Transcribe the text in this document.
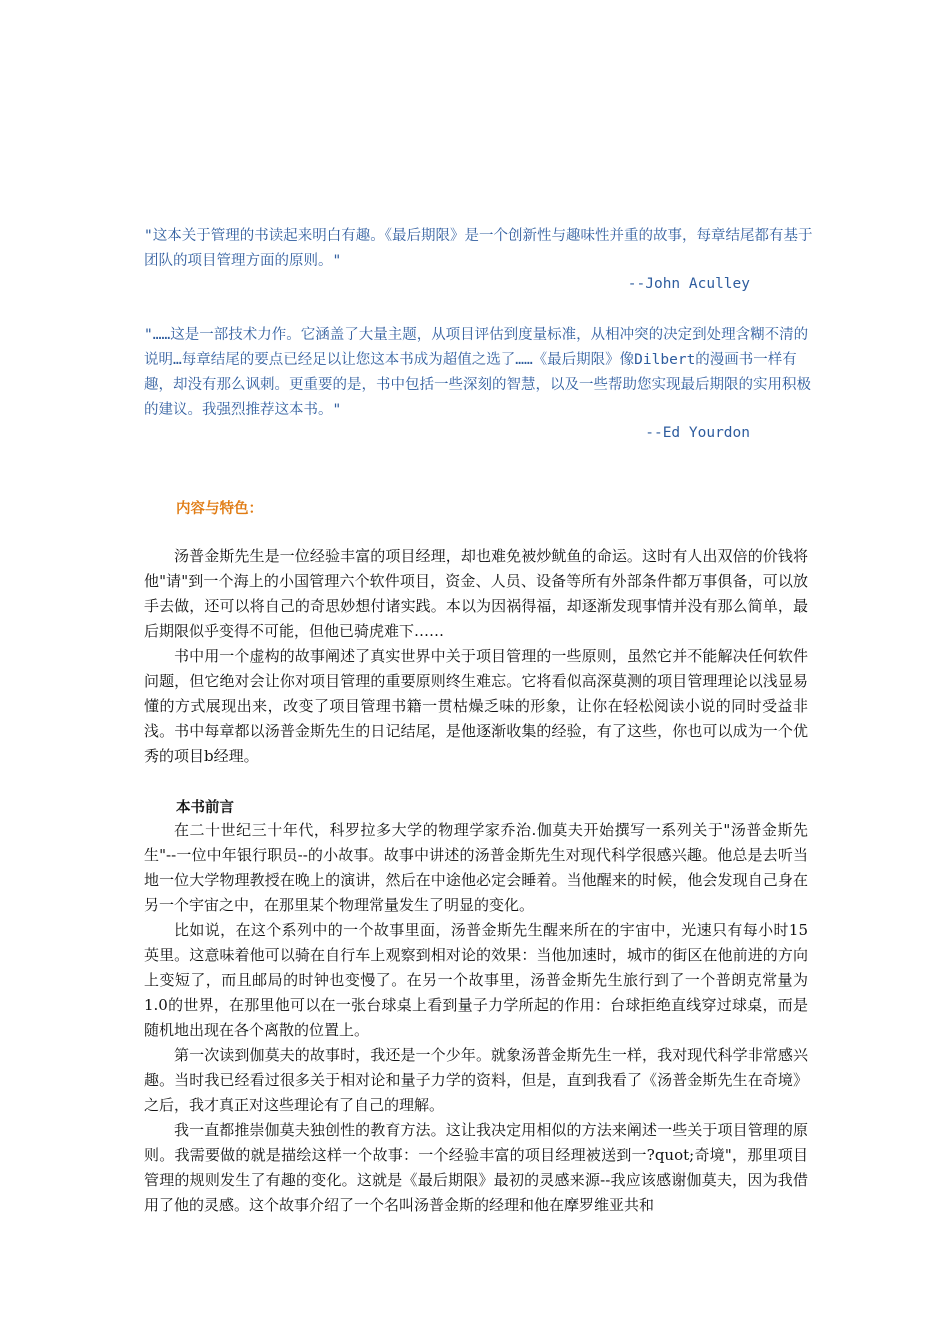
"这本关于管理的书读起来明白有趣。《最后期限》是一个创新性与趣味性并重的故事，每章结尾都有基于团队的项目管理方面的原则。"
--John Aculley
"……这是一部技术力作。它涵盖了大量主题，从项目评估到度量标准，从相冲突的决定到处理含糊不清的说明…每章结尾的要点已经足以让您这本书成为超值之选了……《最后期限》像Dilbert的漫画书一样有趣，却没有那么讽刺。更重要的是，书中包括一些深刻的智慧，以及一些帮助您实现最后期限的实用积极的建议。我强烈推荐这本书。"
--Ed Yourdon
内容与特色：

汤普金斯先生是一位经验丰富的项目经理，却也难免被炒鱿鱼的命运。这时有人出双倍的价钱将他"请"到一个海上的小国管理六个软件项目，资金、人员、设备等所有外部条件都万事俱备，可以放手去做，还可以将自己的奇思妙想付诸实践。本以为因祸得福，却逐渐发现事情并没有那么简单，最后期限似乎变得不可能，但他已骑虎难下……

书中用一个虚构的故事阐述了真实世界中关于项目管理的一些原则，虽然它并不能解决任何软件问题，但它绝对会让你对项目管理的重要原则终生难忘。它将看似高深莫测的项目管理理论以浅显易懂的方式展现出来，改变了项目管理书籍一贯枯燥乏味的形象，让你在轻松阅读小说的同时受益非浅。书中每章都以汤普金斯先生的日记结尾，是他逐渐收集的经验，有了这些，你也可以成为一个优秀的项目b经理。

本书前言

在二十世纪三十年代，科罗拉多大学的物理学家乔治.伽莫夫开始撰写一系列关于"汤普金斯先生"--一位中年银行职员--的小故事。故事中讲述的汤普金斯先生对现代科学很感兴趣。他总是去听当地一位大学物理教授在晚上的演讲，然后在中途他必定会睡着。当他醒来的时候，他会发现自己身在另一个宇宙之中，在那里某个物理常量发生了明显的变化。

比如说，在这个系列中的一个故事里面，汤普金斯先生醒来所在的宇宙中，光速只有每小时15英里。这意味着他可以骑在自行车上观察到相对论的效果：当他加速时，城市的街区在他前进的方向上变短了，而且邮局的时钟也变慢了。在另一个故事里，汤普金斯先生旅行到了一个普朗克常量为1.0的世界，在那里他可以在一张台球桌上看到量子力学所起的作用：台球拒绝直线穿过球桌，而是随机地出现在各个离散的位置上。

第一次读到伽莫夫的故事时，我还是一个少年。就象汤普金斯先生一样，我对现代科学非常感兴趣。当时我已经看过很多关于相对论和量子力学的资料，但是，直到我看了《汤普金斯先生在奇境》之后，我才真正对这些理论有了自己的理解。

我一直都推崇伽莫夫独创性的教育方法。这让我决定用相似的方法来阐述一些关于项目管理的原则。我需要做的就是描绘这样一个故事：一个经验丰富的项目经理被送到一?quot;奇境"，那里项目管理的规则发生了有趣的变化。这就是《最后期限》最初的灵感来源--我应该感谢伽莫夫，因为我借用了他的灵感。这个故事介绍了一个名叫汤普金斯的经理和他在摩罗维亚共和
